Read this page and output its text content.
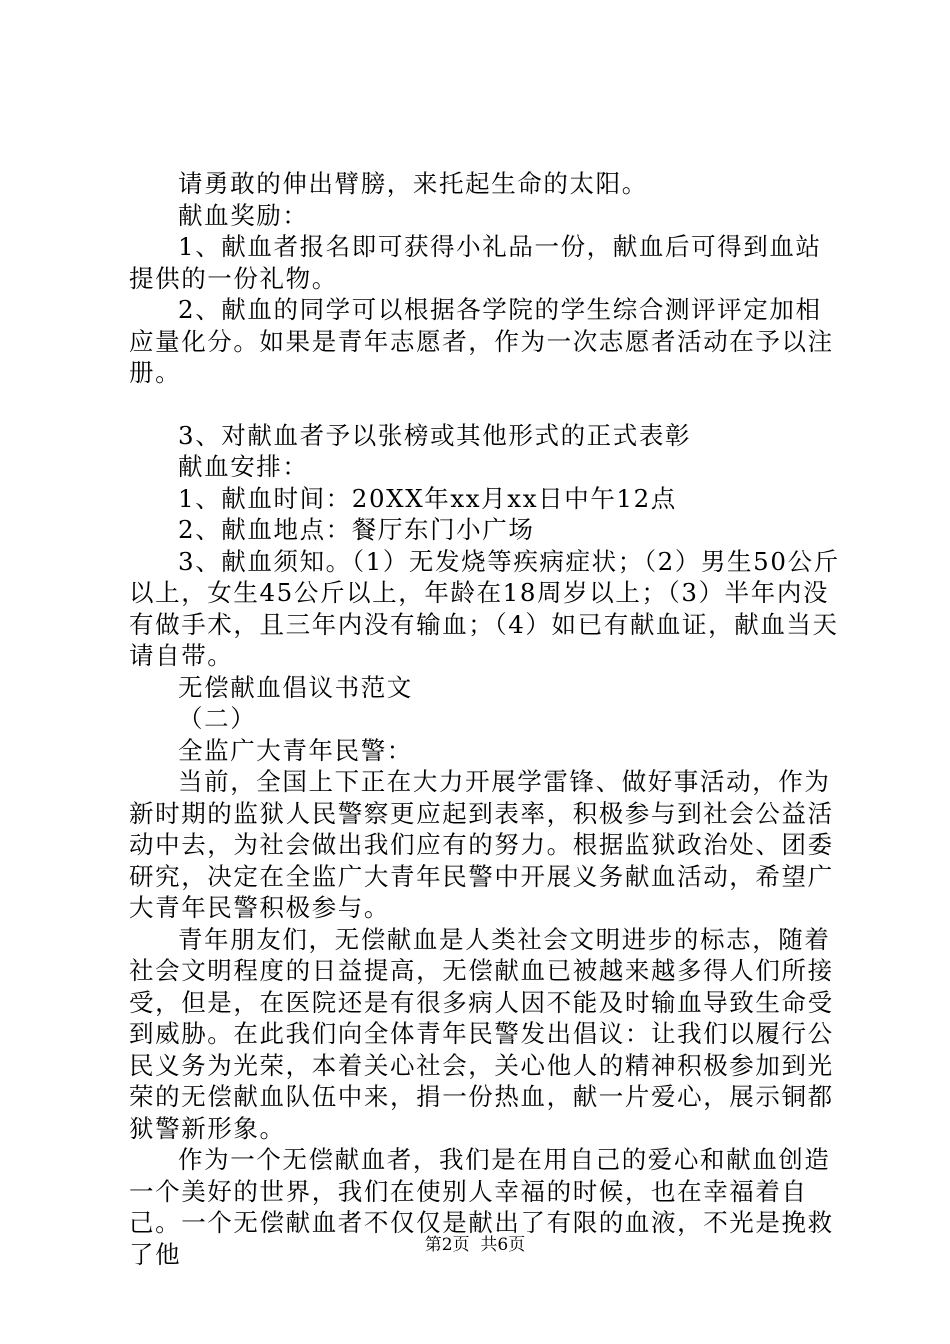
请勇敢的伸出臂膀，来托起生命的太阳。

献血奖励：

1、献血者报名即可获得小礼品一份，献血后可得到血站提供的一份礼物。

2、献血的同学可以根据各学院的学生综合测评评定加相应量化分。如果是青年志愿者，作为一次志愿者活动在予以注册。

3、对献血者予以张榜或其他形式的正式表彰

献血安排：

1、献血时间：20XX年xx月xx日中午12点

2、献血地点：餐厅东门小广场

3、献血须知。（1）无发烧等疾病症状；（2）男生50公斤以上，女生45公斤以上，年龄在18周岁以上；（3）半年内没有做手术，且三年内没有输血；（4）如已有献血证，献血当天请自带。

无偿献血倡议书范文

（二）

全监广大青年民警：

当前，全国上下正在大力开展学雷锋、做好事活动，作为新时期的监狱人民警察更应起到表率，积极参与到社会公益活动中去，为社会做出我们应有的努力。根据监狱政治处、团委研究，决定在全监广大青年民警中开展义务献血活动，希望广大青年民警积极参与。

青年朋友们，无偿献血是人类社会文明进步的标志，随着社会文明程度的日益提高，无偿献血已被越来越多得人们所接受，但是，在医院还是有很多病人因不能及时输血导致生命受到威胁。在此我们向全体青年民警发出倡议：让我们以履行公民义务为光荣，本着关心社会，关心他人的精神积极参加到光荣的无偿献血队伍中来，捐一份热血，献一片爱心，展示铜都狱警新形象。

作为一个无偿献血者，我们是在用自己的爱心和献血创造一个美好的世界，我们在使别人幸福的时候，也在幸福着自己。一个无偿献血者不仅仅是献出了有限的血液，不光是挽救了他	第2页  共6页
